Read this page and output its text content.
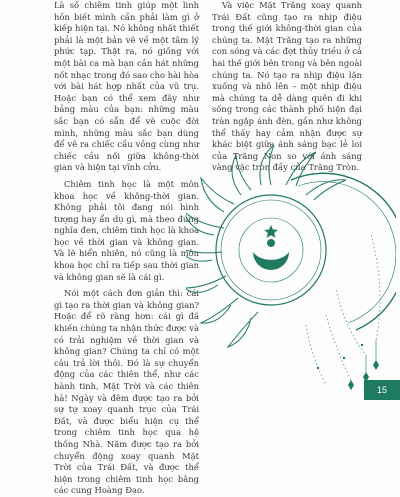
Là số chiêm tinh giúp một linh hồn biết mình cần phải làm gì ở kiếp hiện tại. Nó không nhất thiết phải là một bản vẽ về một tâm lý phức tạp. Thật ra, nó giống với một bài ca mà bạn cần hát những nốt nhạc trong đó sao cho hài hòa với bài hát hợp nhất của vũ trụ. Hoặc bạn có thể xem đây như bảng màu của bạn: những màu sắc bạn có sẵn để vẽ cuộc đời mình, những màu sắc bạn dùng để vẽ ra chiếc cầu vồng cùng như chiếc cầu nối giữa không-thời gian và hiện tại vĩnh cửu.

Chiêm tinh học là một môn khoa học về không-thời gian. Không phải tôi đang nói hình tượng hay ẩn dụ gì, mà theo đúng nghĩa đen, chiêm tinh học là khoa học về thời gian và không gian. Và lẽ hiển nhiên, nó cũng là môn khoa học chỉ ra tiếp sau thời gian và không gian sẽ là cái gì.

Nói một cách đơn giản thì: cái gì tạo ra thời gian và không gian? Hoặc để rõ ràng hơn: cái gì đã khiến chúng ta nhận thức được và có trải nghiệm về thời gian và không gian? Chúng ta chỉ có một câu trả lời thôi. Đó là sự chuyển động của các thiên thể, như các hành tinh, Mặt Trời và các thiên hà! Ngày và đêm được tạo ra bởi sự tự xoay quanh trục của Trái Đất, và được biểu hiện cụ thể trong chiêm tinh học qua hệ thống Nhà. Năm được tạo ra bởi chuyển động xoay quanh Mặt Trời của Trái Đất, và được thể hiện trong chiêm tinh học bằng các cung Hoàng Đạo.

Và việc Mặt Trăng xoay quanh Trái Đất cũng tạo ra nhịp điệu trong thế giới không-thời gian của chúng ta. Mặt Trăng tạo ra những con sóng và các đợt thủy triều ở cả hai thế giới bên trong và bên ngoài chúng ta. Nó tạo ra nhịp điệu lặn xuống và nhô lên – một nhịp điệu mà chúng ta dễ dàng quên đi khi sống trong các thành phố hiện đại tràn ngập ánh đèn, gần như không thể thấy hay cảm nhận được sự khác biệt giữa ánh sáng bạc lẻ loi của Trăng Non so với ánh sáng vàng vặc tròn đầy của Trăng Tròn.

15
